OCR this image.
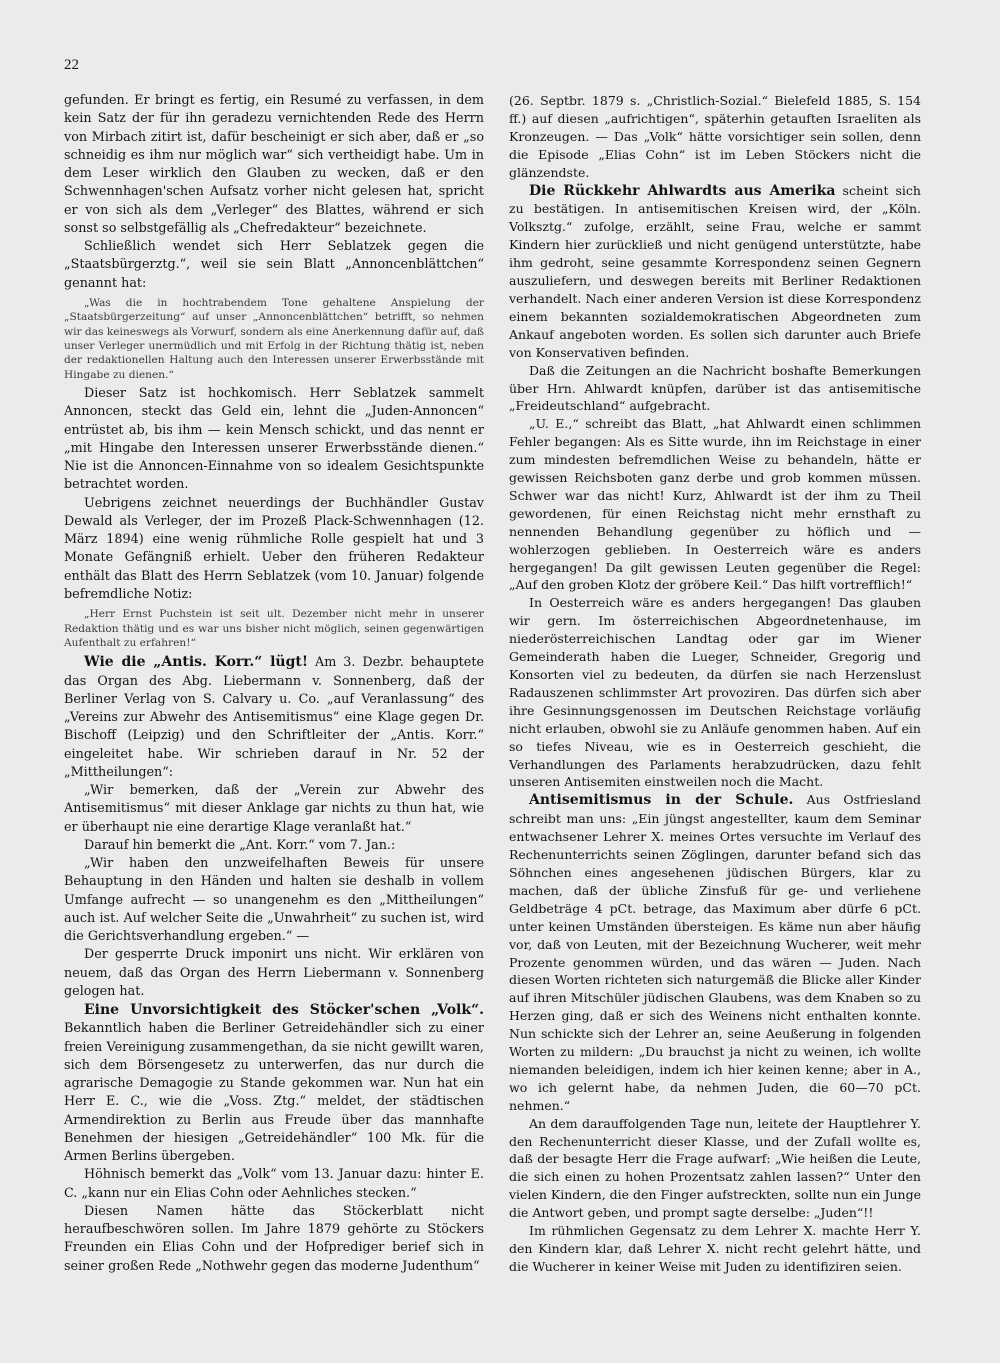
22

gefunden. Er bringt es fertig, ein Resumé zu verfassen, in dem kein Satz der für ihn geradezu vernichtenden Rede des Herrn von Mirbach zitirt ist, dafür bescheinigt er sich aber, daß er „so schneidig es ihm nur möglich war“ sich vertheidigt habe. Um in dem Leser wirklich den Glauben zu wecken, daß er den Schwennhagen'schen Aufsatz vorher nicht gelesen hat, spricht er von sich als dem „Verleger“ des Blattes, während er sich sonst so selbstgefällig als „Chefredakteur“ bezeichnete.

Schließlich wendet sich Herr Seblatzek gegen die „Staatsbürgerztg.“, weil sie sein Blatt „Annoncenblättchen“ genannt hat:

„Was die in hochtrabendem Tone gehaltene Anspielung der „Staatsbürgerzeitung“ auf unser „Annoncenblättchen“ betrifft, so nehmen wir das keineswegs als Vorwurf, sondern als eine Anerkennung dafür auf, daß unser Verleger unermüdlich und mit Erfolg in der Richtung thätig ist, neben der redaktionellen Haltung auch den Interessen unserer Erwerbsstände mit Hingabe zu dienen.“

Dieser Satz ist hochkomisch. Herr Seblatzek sammelt Annoncen, steckt das Geld ein, lehnt die „Juden-Annoncen“ entrüstet ab, bis ihm — kein Mensch schickt, und das nennt er „mit Hingabe den Interessen unserer Erwerbsstände dienen.“ Nie ist die Annoncen-Einnahme von so idealem Gesichtspunkte betrachtet worden.

Uebrigens zeichnet neuerdings der Buchhändler Gustav Dewald als Verleger, der im Prozeß Plack-Schwennhagen (12. März 1894) eine wenig rühmliche Rolle gespielt hat und 3 Monate Gefängniß erhielt. Ueber den früheren Redakteur enthält das Blatt des Herrn Seblatzek (vom 10. Januar) folgende befremdliche Notiz:

„Herr Ernst Puchstein ist seit ult. Dezember nicht mehr in unserer Redaktion thätig und es war uns bisher nicht möglich, seinen gegenwärtigen Aufenthalt zu erfahren!“

Wie die „Antis. Korr.“ lügt! Am 3. Dezbr. behauptete das Organ des Abg. Liebermann v. Sonnenberg, daß der Berliner Verlag von S. Calvary u. Co. „auf Veranlassung“ des „Vereins zur Abwehr des Antisemitismus“ eine Klage gegen Dr. Bischoff (Leipzig) und den Schriftleiter der „Antis. Korr.“ eingeleitet habe. Wir schrieben darauf in Nr. 52 der „Mittheilungen“:

„Wir bemerken, daß der „Verein zur Abwehr des Antisemitismus“ mit dieser Anklage gar nichts zu thun hat, wie er überhaupt nie eine derartige Klage veranlaßt hat.“

Darauf hin bemerkt die „Ant. Korr.“ vom 7. Jan.:

„Wir haben den unzweifelhaften Beweis für unsere Behauptung in den Händen und halten sie deshalb in vollem Umfange aufrecht — so unangenehm es den „Mittheilungen“ auch ist. Auf welcher Seite die „Unwahrheit“ zu suchen ist, wird die Gerichtsverhandlung ergeben.“ —

Der gesperrte Druck imponirt uns nicht. Wir erklären von neuem, daß das Organ des Herrn Liebermann v. Sonnenberg gelogen hat.

Eine Unvorsichtigkeit des Stöcker'schen „Volk“. Bekanntlich haben die Berliner Getreidehändler sich zu einer freien Vereinigung zusammengethan, da sie nicht gewillt waren, sich dem Börsengesetz zu unterwerfen, das nur durch die agrarische Demagogie zu Stande gekommen war. Nun hat ein Herr E. C., wie die „Voss. Ztg.“ meldet, der städtischen Armendirektion zu Berlin aus Freude über das mannhafte Benehmen der hiesigen „Getreidehändler“ 100 Mk. für die Armen Berlins übergeben.

Höhnisch bemerkt das „Volk“ vom 13. Januar dazu: hinter E. C. „kann nur ein Elias Cohn oder Aehnliches stecken.“

Diesen Namen hätte das Stöckerblatt nicht heraufbeschwören sollen. Im Jahre 1879 gehörte zu Stöckers Freunden ein Elias Cohn und der Hofprediger berief sich in seiner großen Rede „Nothwehr gegen das moderne Judenthum“

(26. Septbr. 1879 s. „Christlich-Sozial.“ Bielefeld 1885, S. 154 ff.) auf diesen „aufrichtigen“, späterhin getauften Israeliten als Kronzeugen. — Das „Volk“ hätte vorsichtiger sein sollen, denn die Episode „Elias Cohn“ ist im Leben Stöckers nicht die glänzendste.

Die Rückkehr Ahlwardts aus Amerika scheint sich zu bestätigen. In antisemitischen Kreisen wird, der „Köln. Volksztg.“ zufolge, erzählt, seine Frau, welche er sammt Kindern hier zurückließ und nicht genügend unterstützte, habe ihm gedroht, seine gesammte Korrespondenz seinen Gegnern auszuliefern, und deswegen bereits mit Berliner Redaktionen verhandelt. Nach einer anderen Version ist diese Korrespondenz einem bekannten sozialdemokratischen Abgeordneten zum Ankauf angeboten worden. Es sollen sich darunter auch Briefe von Konservativen befinden.

Daß die Zeitungen an die Nachricht boshafte Bemerkungen über Hrn. Ahlwardt knüpfen, darüber ist das antisemitische „Freideutschland“ aufgebracht.

„U. E.,“ schreibt das Blatt, „hat Ahlwardt einen schlimmen Fehler begangen: Als es Sitte wurde, ihn im Reichstage in einer zum mindesten befremdlichen Weise zu behandeln, hätte er gewissen Reichsboten ganz derbe und grob kommen müssen. Schwer war das nicht! Kurz, Ahlwardt ist der ihm zu Theil gewordenen, für einen Reichstag nicht mehr ernsthaft zu nennenden Behandlung gegenüber zu höflich und — wohlerzogen geblieben. In Oesterreich wäre es anders hergegangen! Da gilt gewissen Leuten gegenüber die Regel: „Auf den groben Klotz der gröbere Keil.“ Das hilft vortrefflich!“

In Oesterreich wäre es anders hergegangen! Das glauben wir gern. Im österreichischen Abgeordnetenhause, im niederösterreichischen Landtag oder gar im Wiener Gemeinderath haben die Lueger, Schneider, Gregorig und Konsorten viel zu bedeuten, da dürfen sie nach Herzenslust Radauszenen schlimmster Art provoziren. Das dürfen sich aber ihre Gesinnungsgenossen im Deutschen Reichstage vorläufig nicht erlauben, obwohl sie zu Anläufe genommen haben. Auf ein so tiefes Niveau, wie es in Oesterreich geschieht, die Verhandlungen des Parlaments herabzudrücken, dazu fehlt unseren Antisemiten einstweilen noch die Macht.

Antisemitismus in der Schule. Aus Ostfriesland schreibt man uns: „Ein jüngst angestellter, kaum dem Seminar entwachsener Lehrer X. meines Ortes versuchte im Verlauf des Rechenunterrichts seinen Zöglingen, darunter befand sich das Söhnchen eines angesehenen jüdischen Bürgers, klar zu machen, daß der übliche Zinsfuß für ge- und verliehene Geldbeträge 4 pCt. betrage, das Maximum aber dürfe 6 pCt. unter keinen Umständen übersteigen. Es käme nun aber häufig vor, daß von Leuten, mit der Bezeichnung Wucherer, weit mehr Prozente genommen würden, und das wären — Juden. Nach diesen Worten richteten sich naturgemäß die Blicke aller Kinder auf ihren Mitschüler jüdischen Glaubens, was dem Knaben so zu Herzen ging, daß er sich des Weinens nicht enthalten konnte. Nun schickte sich der Lehrer an, seine Aeußerung in folgenden Worten zu mildern: „Du brauchst ja nicht zu weinen, ich wollte niemanden beleidigen, indem ich hier keinen kenne; aber in A., wo ich gelernt habe, da nehmen Juden, die 60—70 pCt. nehmen.“

An dem darauffolgenden Tage nun, leitete der Hauptlehrer Y. den Rechenunterricht dieser Klasse, und der Zufall wollte es, daß der besagte Herr die Frage aufwarf: „Wie heißen die Leute, die sich einen zu hohen Prozentsatz zahlen lassen?“ Unter den vielen Kindern, die den Finger aufstreckten, sollte nun ein Junge die Antwort geben, und prompt sagte derselbe: „Juden“!!

Im rühmlichen Gegensatz zu dem Lehrer X. machte Herr Y. den Kindern klar, daß Lehrer X. nicht recht gelehrt hätte, und die Wucherer in keiner Weise mit Juden zu identifiziren seien.
